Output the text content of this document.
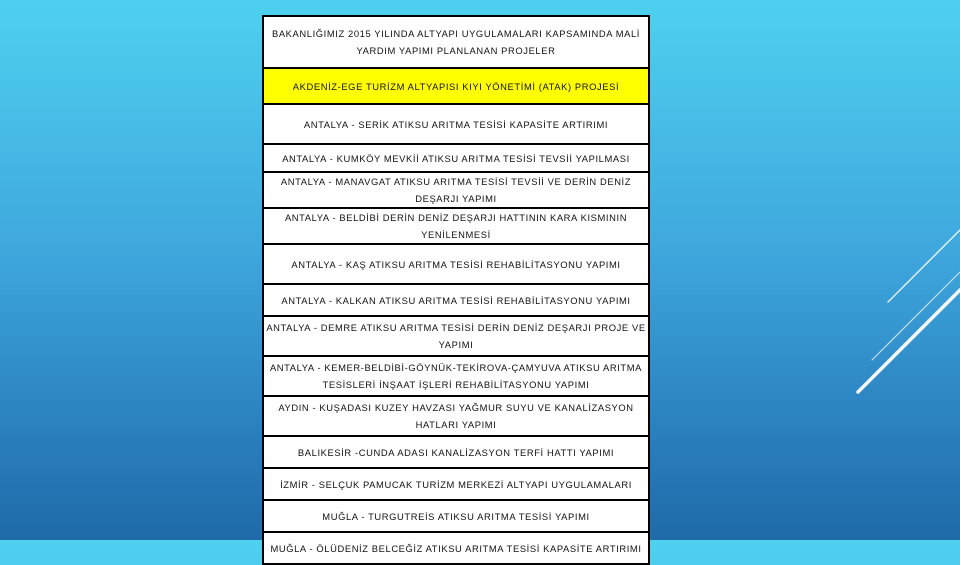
BAKANLIĞIMIZ 2015 YILINDA ALTYAPI UYGULAMALARI KAPSAMINDA MALİ YARDIM YAPIMI PLANLANAN PROJELER
AKDENİZ-EGE TURİZM ALTYAPISI KIYI YÖNETİMİ (ATAK) PROJESİ
ANTALYA - SERİK ATIKSU ARITMA TESİSİ KAPASİTE ARTIRIMI
ANTALYA - KUMKÖY MEVKİİ ATIKSU ARITMA TESİSİ TEVSİİ YAPILMASI
ANTALYA - MANAVGAT ATIKSU ARITMA TESİSİ TEVSİİ VE DERİN DENİZ DEŞARJI YAPIMI
ANTALYA - BELDİBİ DERİN DENİZ DEŞARJI HATTININ KARA KISMININ YENİLENMESİ
ANTALYA - KAŞ ATIKSU ARITMA TESİSİ REHABİLİTASYONU YAPIMI
ANTALYA - KALKAN ATIKSU ARITMA TESİSİ REHABİLİTASYONU YAPIMI
ANTALYA - DEMRE ATIKSU ARITMA TESİSİ DERİN DENİZ DEŞARJI PROJE VE YAPIMI
ANTALYA - KEMER-BELDİBİ-GÖYNÜK-TEKİROVA-ÇAMYUVA ATIKSU ARITMA TESİSLERİ İNŞAAT İŞLERİ REHABİLİTASYONU YAPIMI
AYDIN - KUŞADASI KUZEY HAVZASI YAĞMUR SUYU VE KANALİZASYON HATLARI YAPIMI
BALIKESİR -CUNDA ADASI KANALİZASYON TERFİ HATTI YAPIMI
İZMİR - SELÇUK PAMUCAK TURİZM MERKEZİ ALTYAPI UYGULAMALARI
MUĞLA - TURGUTREİS ATIKSU ARITMA TESİSİ YAPIMI
MUĞLA - ÖLÜDENİZ BELCEĞİZ ATIKSU ARITMA TESİSİ KAPASİTE ARTIRIMI
